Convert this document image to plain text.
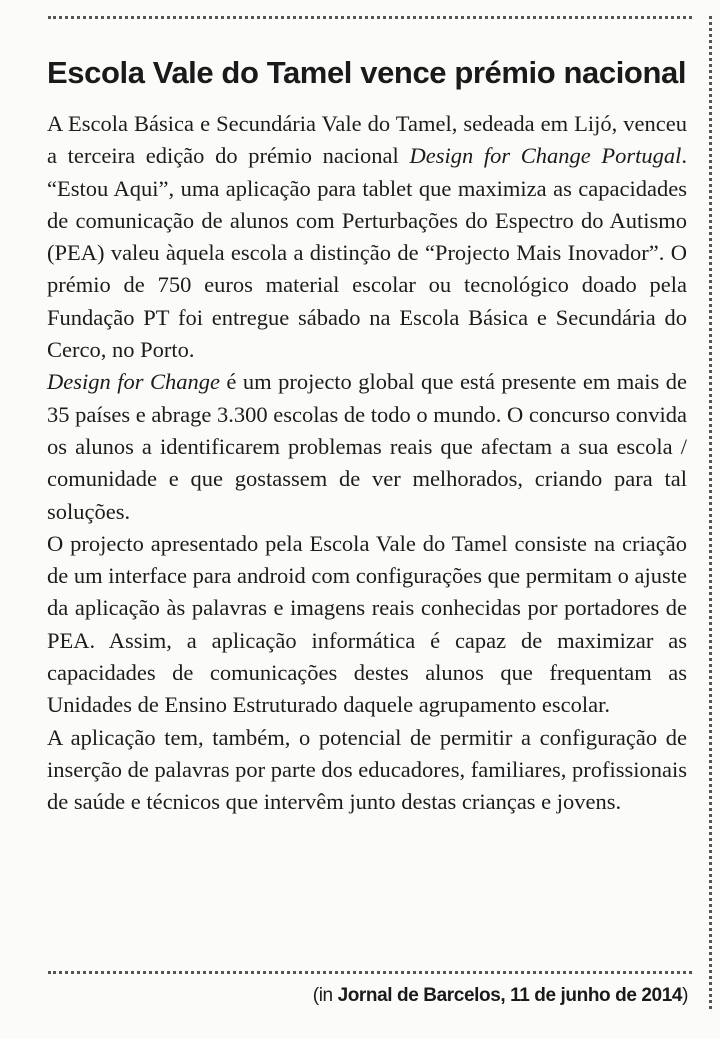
Escola Vale do Tamel vence prémio nacional

A Escola Básica e Secundária Vale do Tamel, sedeada em Lijó, venceu a terceira edição do prémio nacional Design for Change Portugal. “Estou Aqui”, uma aplicação para tablet que maximiza as capacidades de comunicação de alunos com Perturbações do Espectro do Autismo (PEA) valeu àquela escola a distinção de “Projecto Mais Inovador”. O prémio de 750 euros material escolar ou tecnológico doado pela Fundação PT foi entregue sábado na Escola Básica e Secundária do Cerco, no Porto.

Design for Change é um projecto global que está presente em mais de 35 países e abrage 3.300 escolas de todo o mundo. O concurso convida os alunos a identificarem problemas reais que afectam a sua escola / comunidade e que gostassem de ver melhorados, criando para tal soluções.

O projecto apresentado pela Escola Vale do Tamel consiste na criação de um interface para android com configurações que permitam o ajuste da aplicação às palavras e imagens reais conhecidas por portadores de PEA. Assim, a aplicação informática é capaz de maximizar as capacidades de comunicações destes alunos que frequentam as Unidades de Ensino Estruturado daquele agrupamento escolar.

A aplicação tem, também, o potencial de permitir a configuração de inserção de palavras por parte dos educadores, familiares, profissionais de saúde e técnicos que intervêm junto destas crianças e jovens.

(in Jornal de Barcelos, 11 de junho de 2014)
